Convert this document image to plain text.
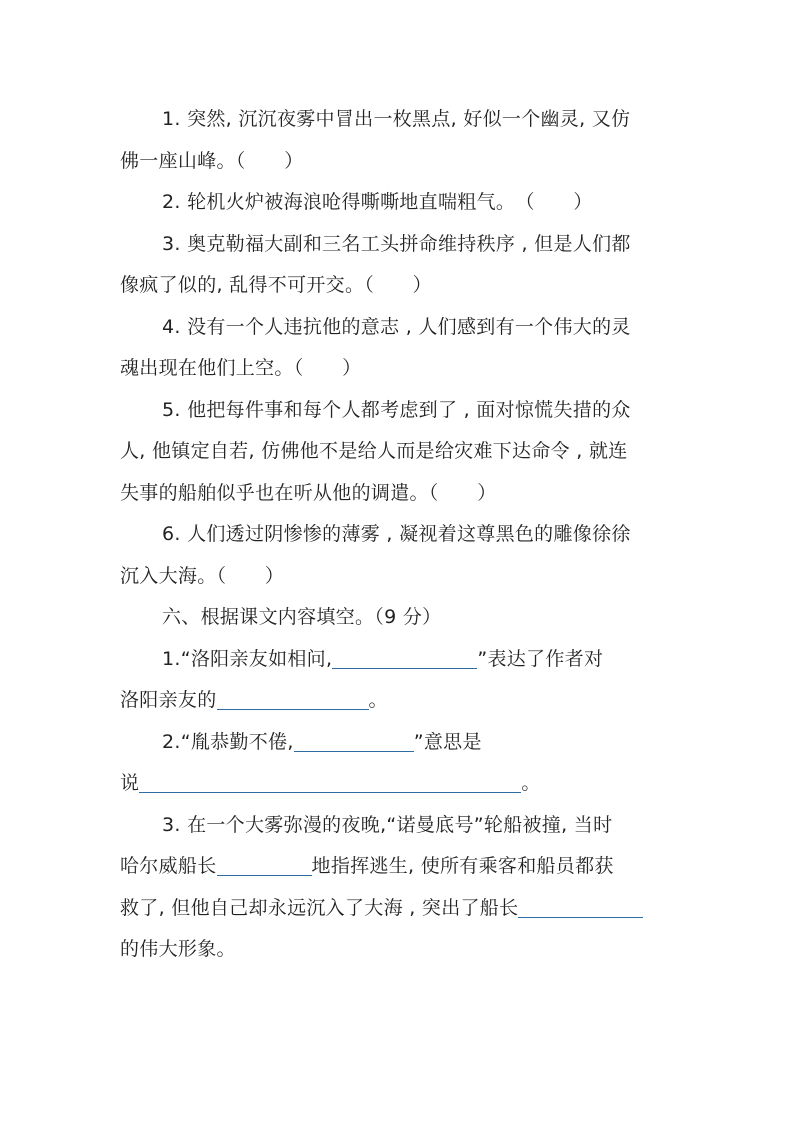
1. 突然, 沉沉夜雾中冒出一枚黑点, 好似一个幽灵, 又仿
佛一座山峰。（　　）

2. 轮机火炉被海浪呛得嘶嘶地直喘粗气。　（　　）

3. 奥克勒福大副和三名工头拼命维持秩序 , 但是人们都
像疯了似的, 乱得不可开交。（　　）

4. 没有一个人违抗他的意志 , 人们感到有一个伟大的灵
魂出现在他们上空。（　　）

5. 他把每件事和每个人都考虑到了 , 面对惊慌失措的众
人, 他镇定自若, 仿佛他不是给人而是给灾难下达命令 , 就连
失事的船舶似乎也在听从他的调遣。（　　）

6. 人们透过阴惨惨的薄雾 , 凝视着这尊黑色的雕像徐徐
沉入大海。（　　）

六、根据课文内容填空。（9 分）

1.“洛阳亲友如相问,	”表达了作者对
洛阳亲友的	。

2.“胤恭勤不倦,	”意思是
说	。

3. 在一个大雾弥漫的夜晚,“诺曼底号”轮船被撞, 当时
哈尔威船长	地指挥逃生, 使所有乘客和船员都获
救了, 但他自己却永远沉入了大海 , 突出了船长
的伟大形象。
